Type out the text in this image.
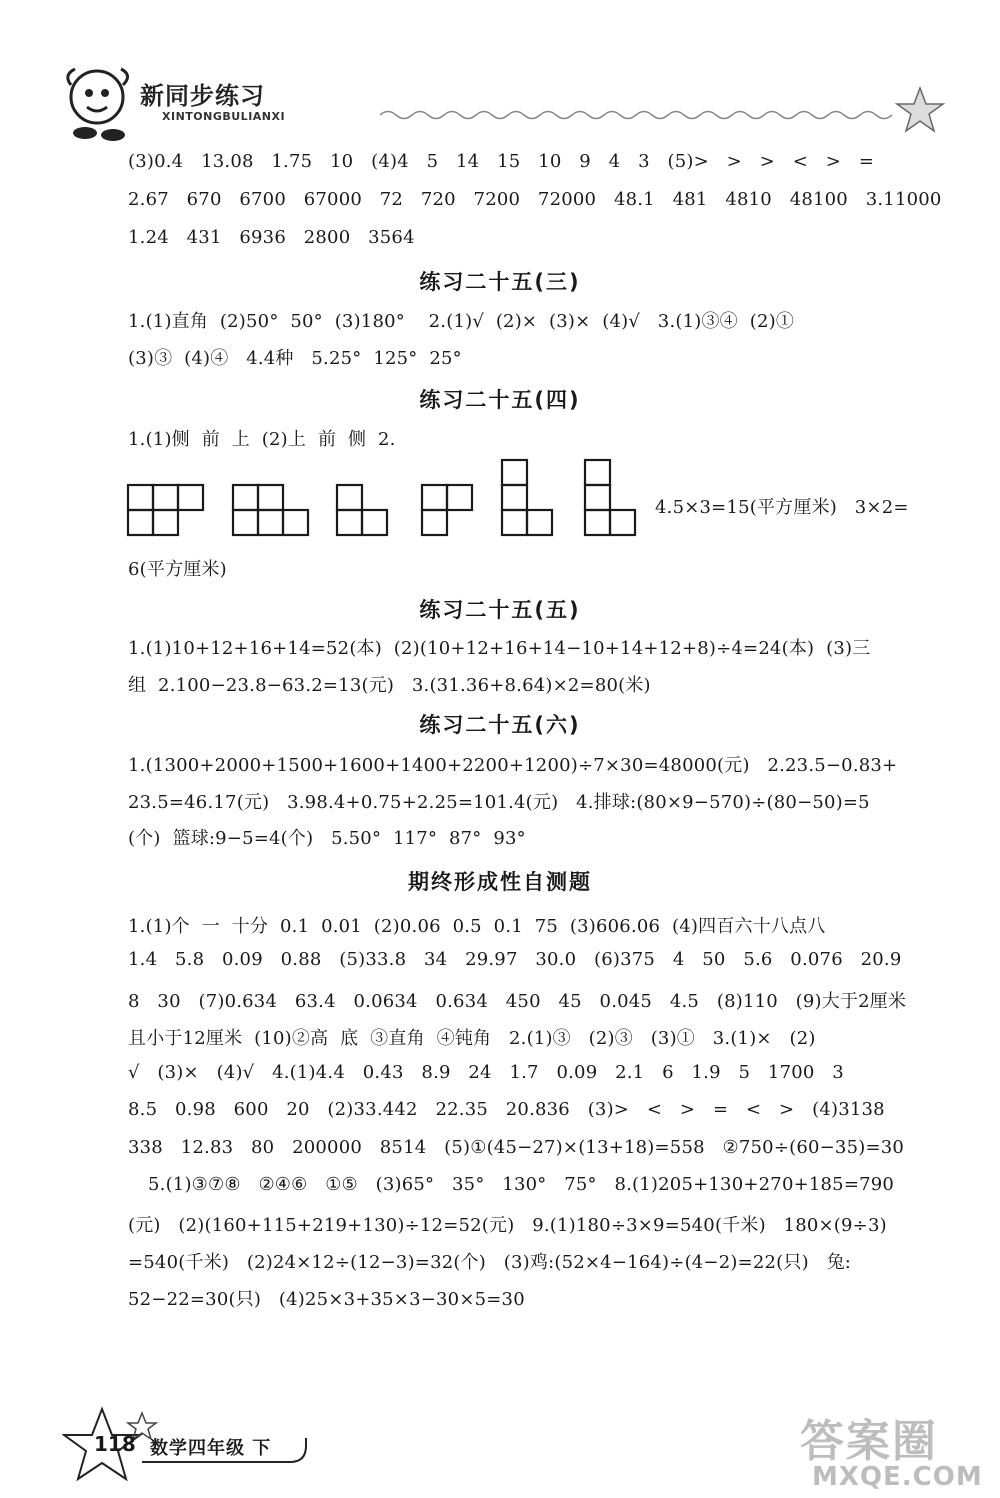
新同步练习
XINTONGBULIANXI
(3)0.4   13.08   1.75   10   (4)4   5   14   15   10   9   4   3   (5)>   >   >   <   >   =
2.67   670   6700   67000   72   720   7200   72000   48.1   481   4810   48100   3.11000
1.24   431   6936   2800   3564
练习二十五(三)
1.(1)直角  (2)50°  50°  (3)180°    2.(1)√  (2)×  (3)×  (4)√   3.(1)③④  (2)①
(3)③  (4)④   4.4种   5.25°  125°  25°
练习二十五(四)
1.(1)侧  前  上  (2)上  前  侧  2.
4.5×3=15(平方厘米)   3×2=
6(平方厘米)
练习二十五(五)
1.(1)10+12+16+14=52(本)  (2)(10+12+16+14−10+14+12+8)÷4=24(本)  (3)三
组  2.100−23.8−63.2=13(元)   3.(31.36+8.64)×2=80(米)
练习二十五(六)
1.(1300+2000+1500+1600+1400+2200+1200)÷7×30=48000(元)   2.23.5−0.83+
23.5=46.17(元)   3.98.4+0.75+2.25=101.4(元)   4.排球:(80×9−570)÷(80−50)=5
(个)  篮球:9−5=4(个)   5.50°  117°  87°  93°
期终形成性自测题
1.(1)个  一  十分  0.1  0.01  (2)0.06  0.5  0.1  75  (3)606.06  (4)四百六十八点八
1.4   5.8   0.09   0.88   (5)33.8   34   29.97   30.0   (6)375   4   50   5.6   0.076   20.9
8   30   (7)0.634   63.4   0.0634   0.634   450   45   0.045   4.5   (8)110   (9)大于2厘米
且小于12厘米  (10)②高  底  ③直角  ④钝角   2.(1)③   (2)③   (3)①   3.(1)×   (2)
√   (3)×   (4)√   4.(1)4.4   0.43   8.9   24   1.7   0.09   2.1   6   1.9   5   1700   3
8.5   0.98   600   20   (2)33.442   22.35   20.836   (3)>   <   >   =   <   >   (4)3138
338   12.83   80   200000   8514   (5)①(45−27)×(13+18)=558   ②750÷(60−35)=30
5.(1)③⑦⑧   ②④⑥   ①⑤   (3)65°   35°   130°   75°   8.(1)205+130+270+185=790
(元)   (2)(160+115+219+130)÷12=52(元)   9.(1)180÷3×9=540(千米)   180×(9÷3)
=540(千米)   (2)24×12÷(12−3)=32(个)   (3)鸡:(52×4−164)÷(4−2)=22(只)   兔:
52−22=30(只)   (4)25×3+35×3−30×5=30
118 数学四年级 下	答案圈
MXQE.COM
